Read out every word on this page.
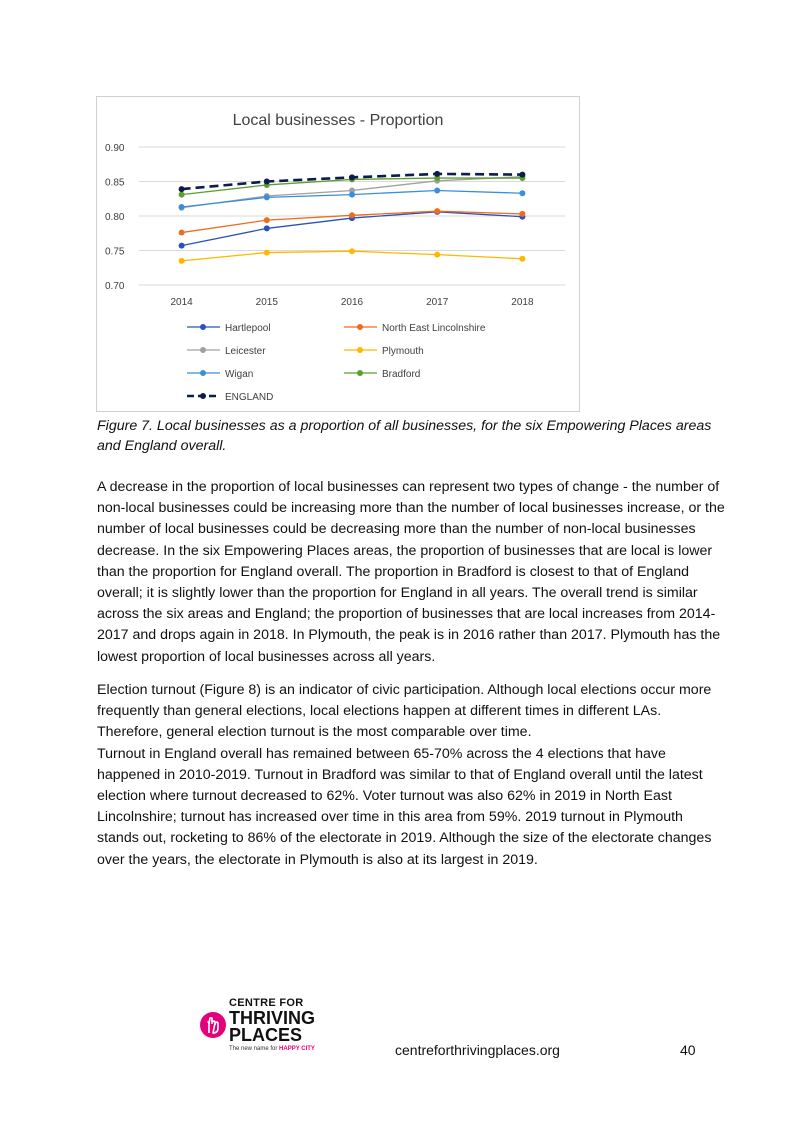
Local businesses - Proportion
0.90
0.85
0.80
0.75
0.70
2014	2015	2016	2017	2018
Hartlepool	North East Lincolnshire
Leicester	Plymouth
Wigan	Bradford
ENGLAND
Figure 7. Local businesses as a proportion of all businesses, for the six Empowering Places areas and England overall.
A decrease in the proportion of local businesses can represent two types of change - the number of non-local businesses could be increasing more than the number of local businesses increase, or the number of local businesses could be decreasing more than the number of non-local businesses decrease. In the six Empowering Places areas, the proportion of businesses that are local is lower than the proportion for England overall. The proportion in Bradford is closest to that of England overall; it is slightly lower than the proportion for England in all years. The overall trend is similar across the six areas and England; the proportion of businesses that are local increases from 2014-2017 and drops again in 2018. In Plymouth, the peak is in 2016 rather than 2017. Plymouth has the lowest proportion of local businesses across all years.
Election turnout (Figure 8) is an indicator of civic participation. Although local elections occur more frequently than general elections, local elections happen at different times in different LAs. Therefore, general election turnout is the most comparable over time.
Turnout in England overall has remained between 65-70% across the 4 elections that have happened in 2010-2019. Turnout in Bradford was similar to that of England overall until the latest election where turnout decreased to 62%. Voter turnout was also 62% in 2019 in North East Lincolnshire; turnout has increased over time in this area from 59%. 2019 turnout in Plymouth stands out, rocketing to 86% of the electorate in 2019. Although the size of the electorate changes over the years, the electorate in Plymouth is also at its largest in 2019.
CENTRE FOR
THRIVING
PLACES
The new name for HAPPY CITY	centreforthrivingplaces.org	40
